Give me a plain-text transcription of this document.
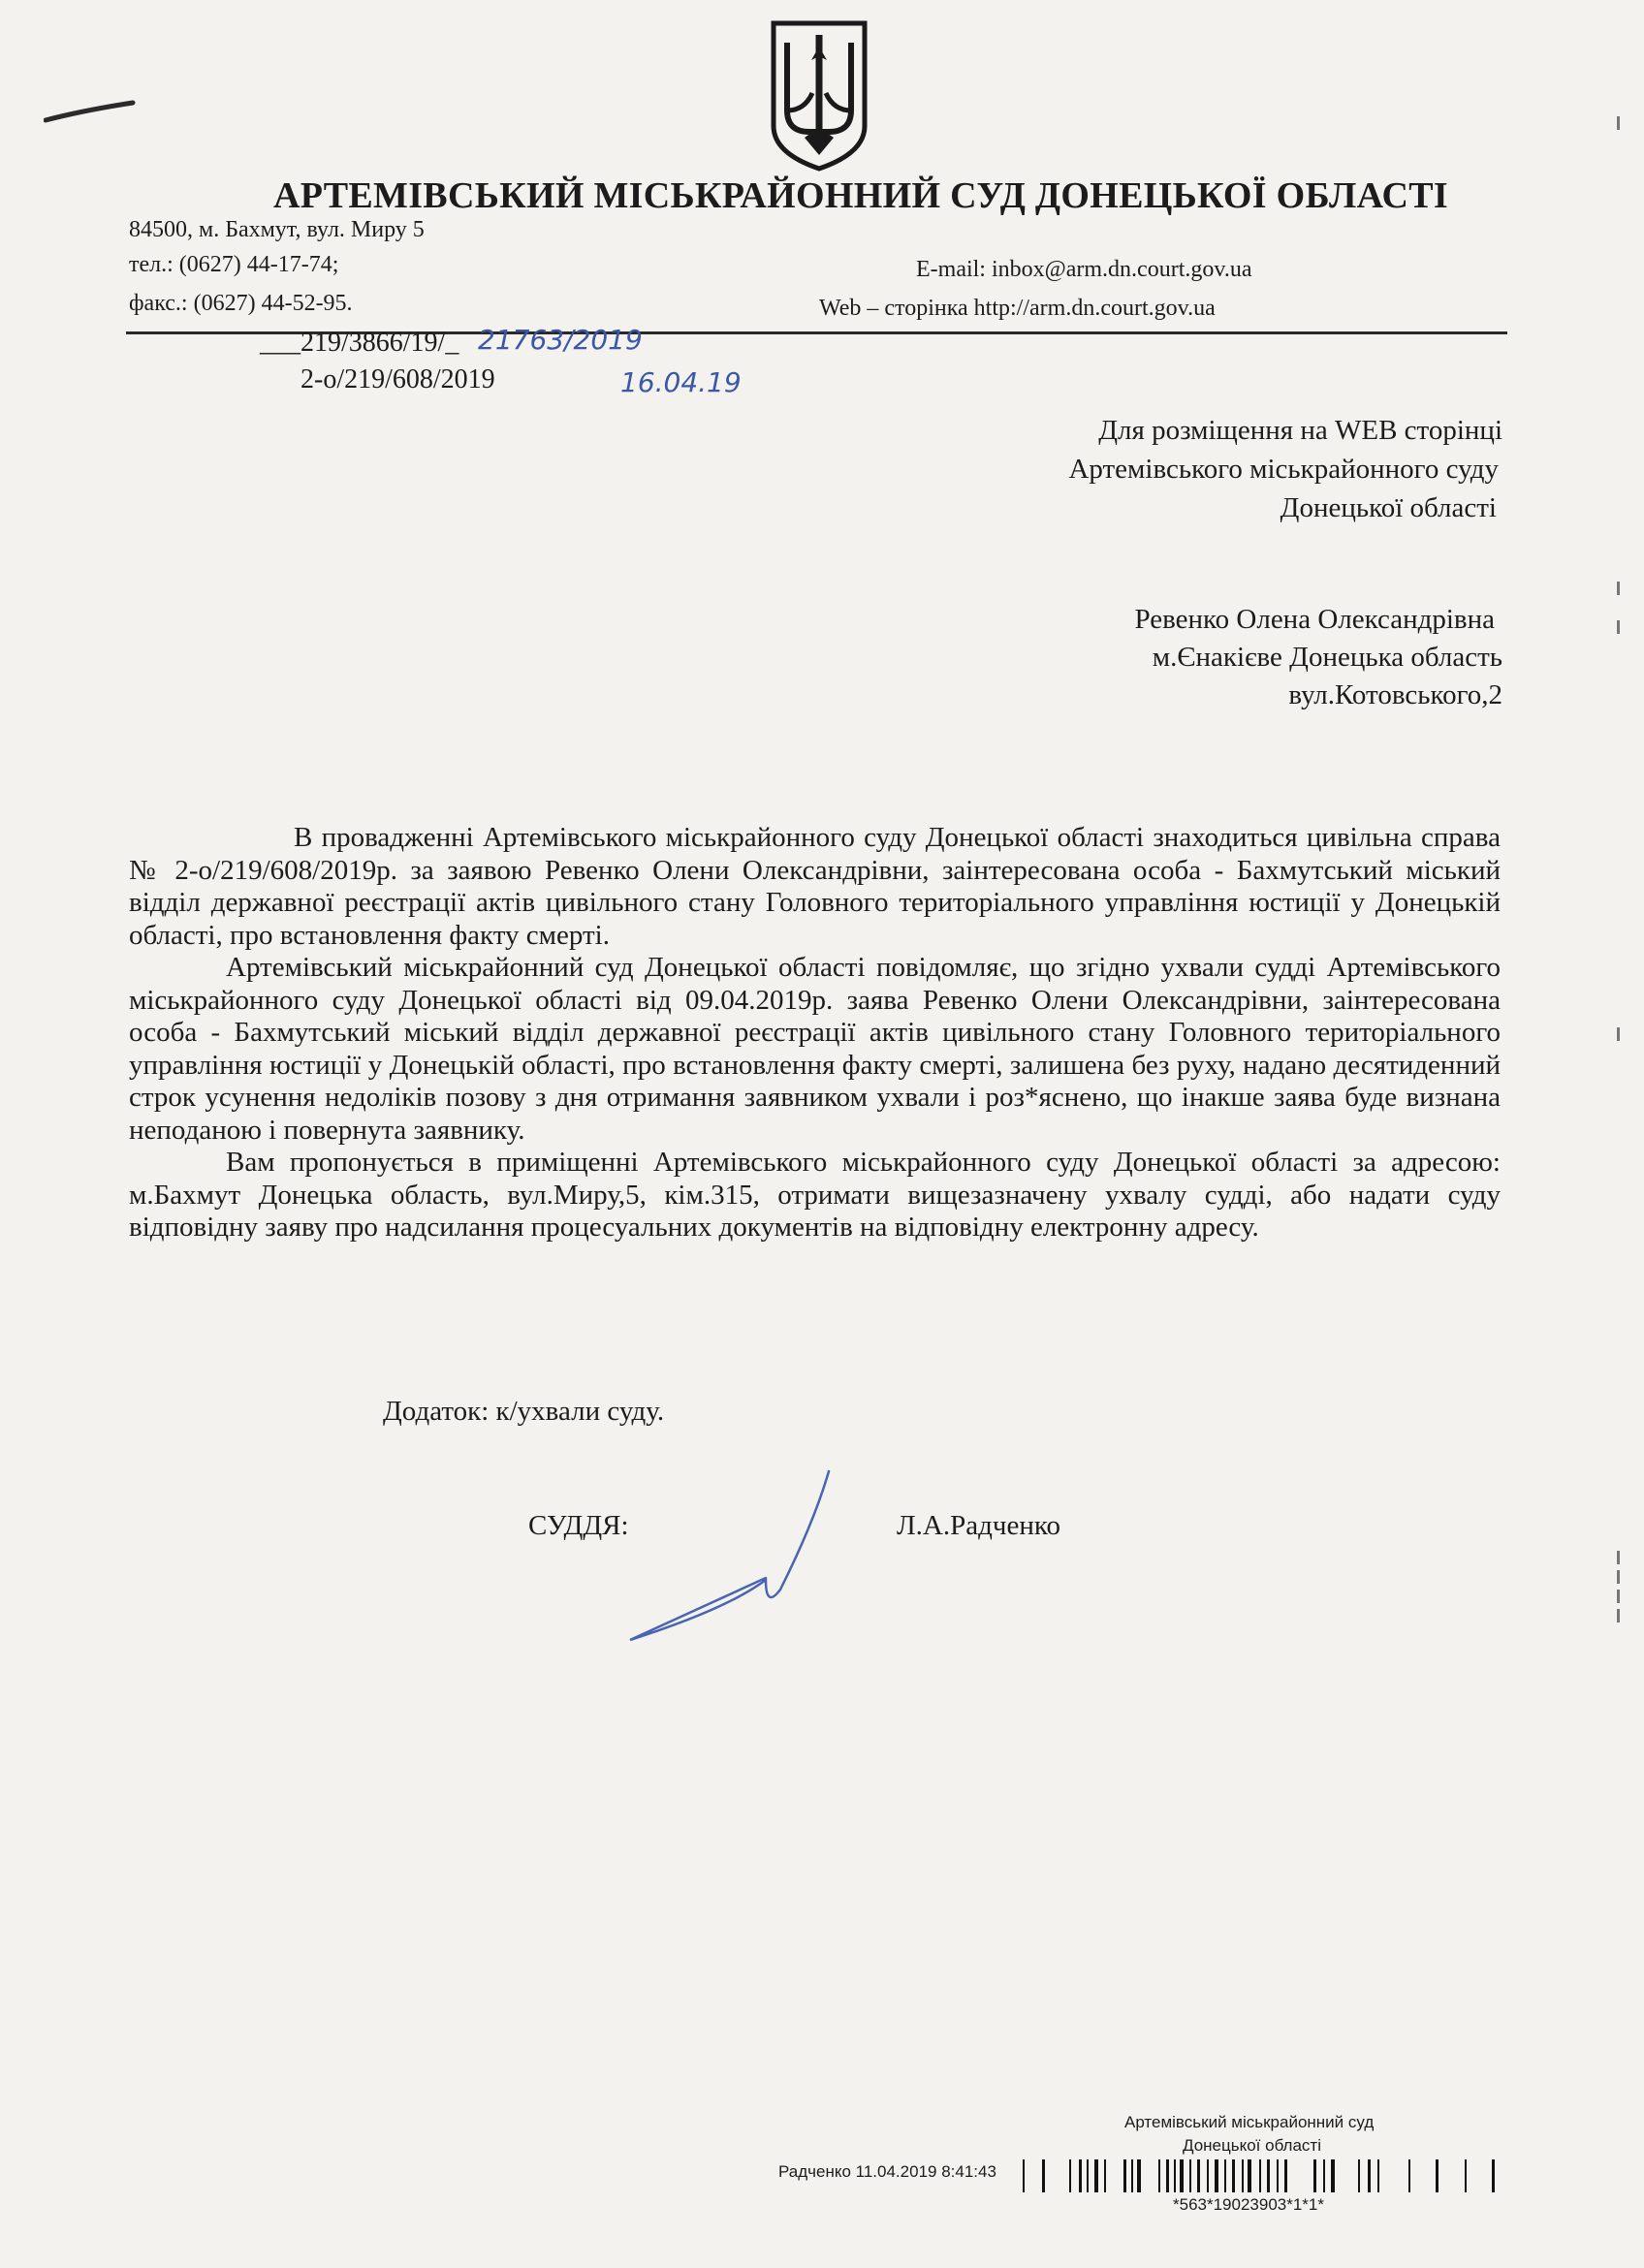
АРТЕМІВСЬКИЙ МІСЬКРАЙОННИЙ СУД ДОНЕЦЬКОЇ ОБЛАСТІ
84500, м. Бахмут, вул. Миру 5
тел.: (0627) 44-17-74;
факс.: (0627) 44-52-95.
E-mail: inbox@arm.dn.court.gov.ua
Web – сторінка http://arm.dn.court.gov.ua
___219/3866/19/_ 21763/2019
2-о/219/608/2019	16.04.19
Для розміщення на WEB сторінці
Артемівського міськрайонного суду
Донецької області
Ревенко Олена Олександрівна
м.Єнакієве Донецька область
вул.Котовського,2

В провадженні Артемівського міськрайонного суду Донецької області знаходиться цивільна справа № 2-о/219/608/2019р. за заявою Ревенко Олени Олександрівни, заінтересована особа - Бахмутський міський відділ державної реєстрації актів цивільного стану Головного територіального управління юстиції у Донецькій області, про встановлення факту смерті.

Артемівський міськрайонний суд Донецької області повідомляє, що згідно ухвали судді Артемівського міськрайонного суду Донецької області від 09.04.2019р. заява Ревенко Олени Олександрівни, заінтересована особа - Бахмутський міський відділ державної реєстрації актів цивільного стану Головного територіального управління юстиції у Донецькій області, про встановлення факту смерті, залишена без руху, надано десятиденний строк усунення недоліків позову з дня отримання заявником ухвали і роз*яснено, що інакше заява буде визнана неподаною і повернута заявнику.

Вам пропонується в приміщенні Артемівського міськрайонного суду Донецької області за адресою: м.Бахмут Донецька область, вул.Миру,5, кім.315, отримати вищезазначену ухвалу судді, або надати суду відповідну заяву про надсилання процесуальних документів на відповідну електронну адресу.

Додаток: к/ухвали суду.
СУДДЯ:	Л.А.Радченко
Артемівський міськрайонний суд
Донецької області
Радченко 11.04.2019 8:41:43
*563*19023903*1*1*
